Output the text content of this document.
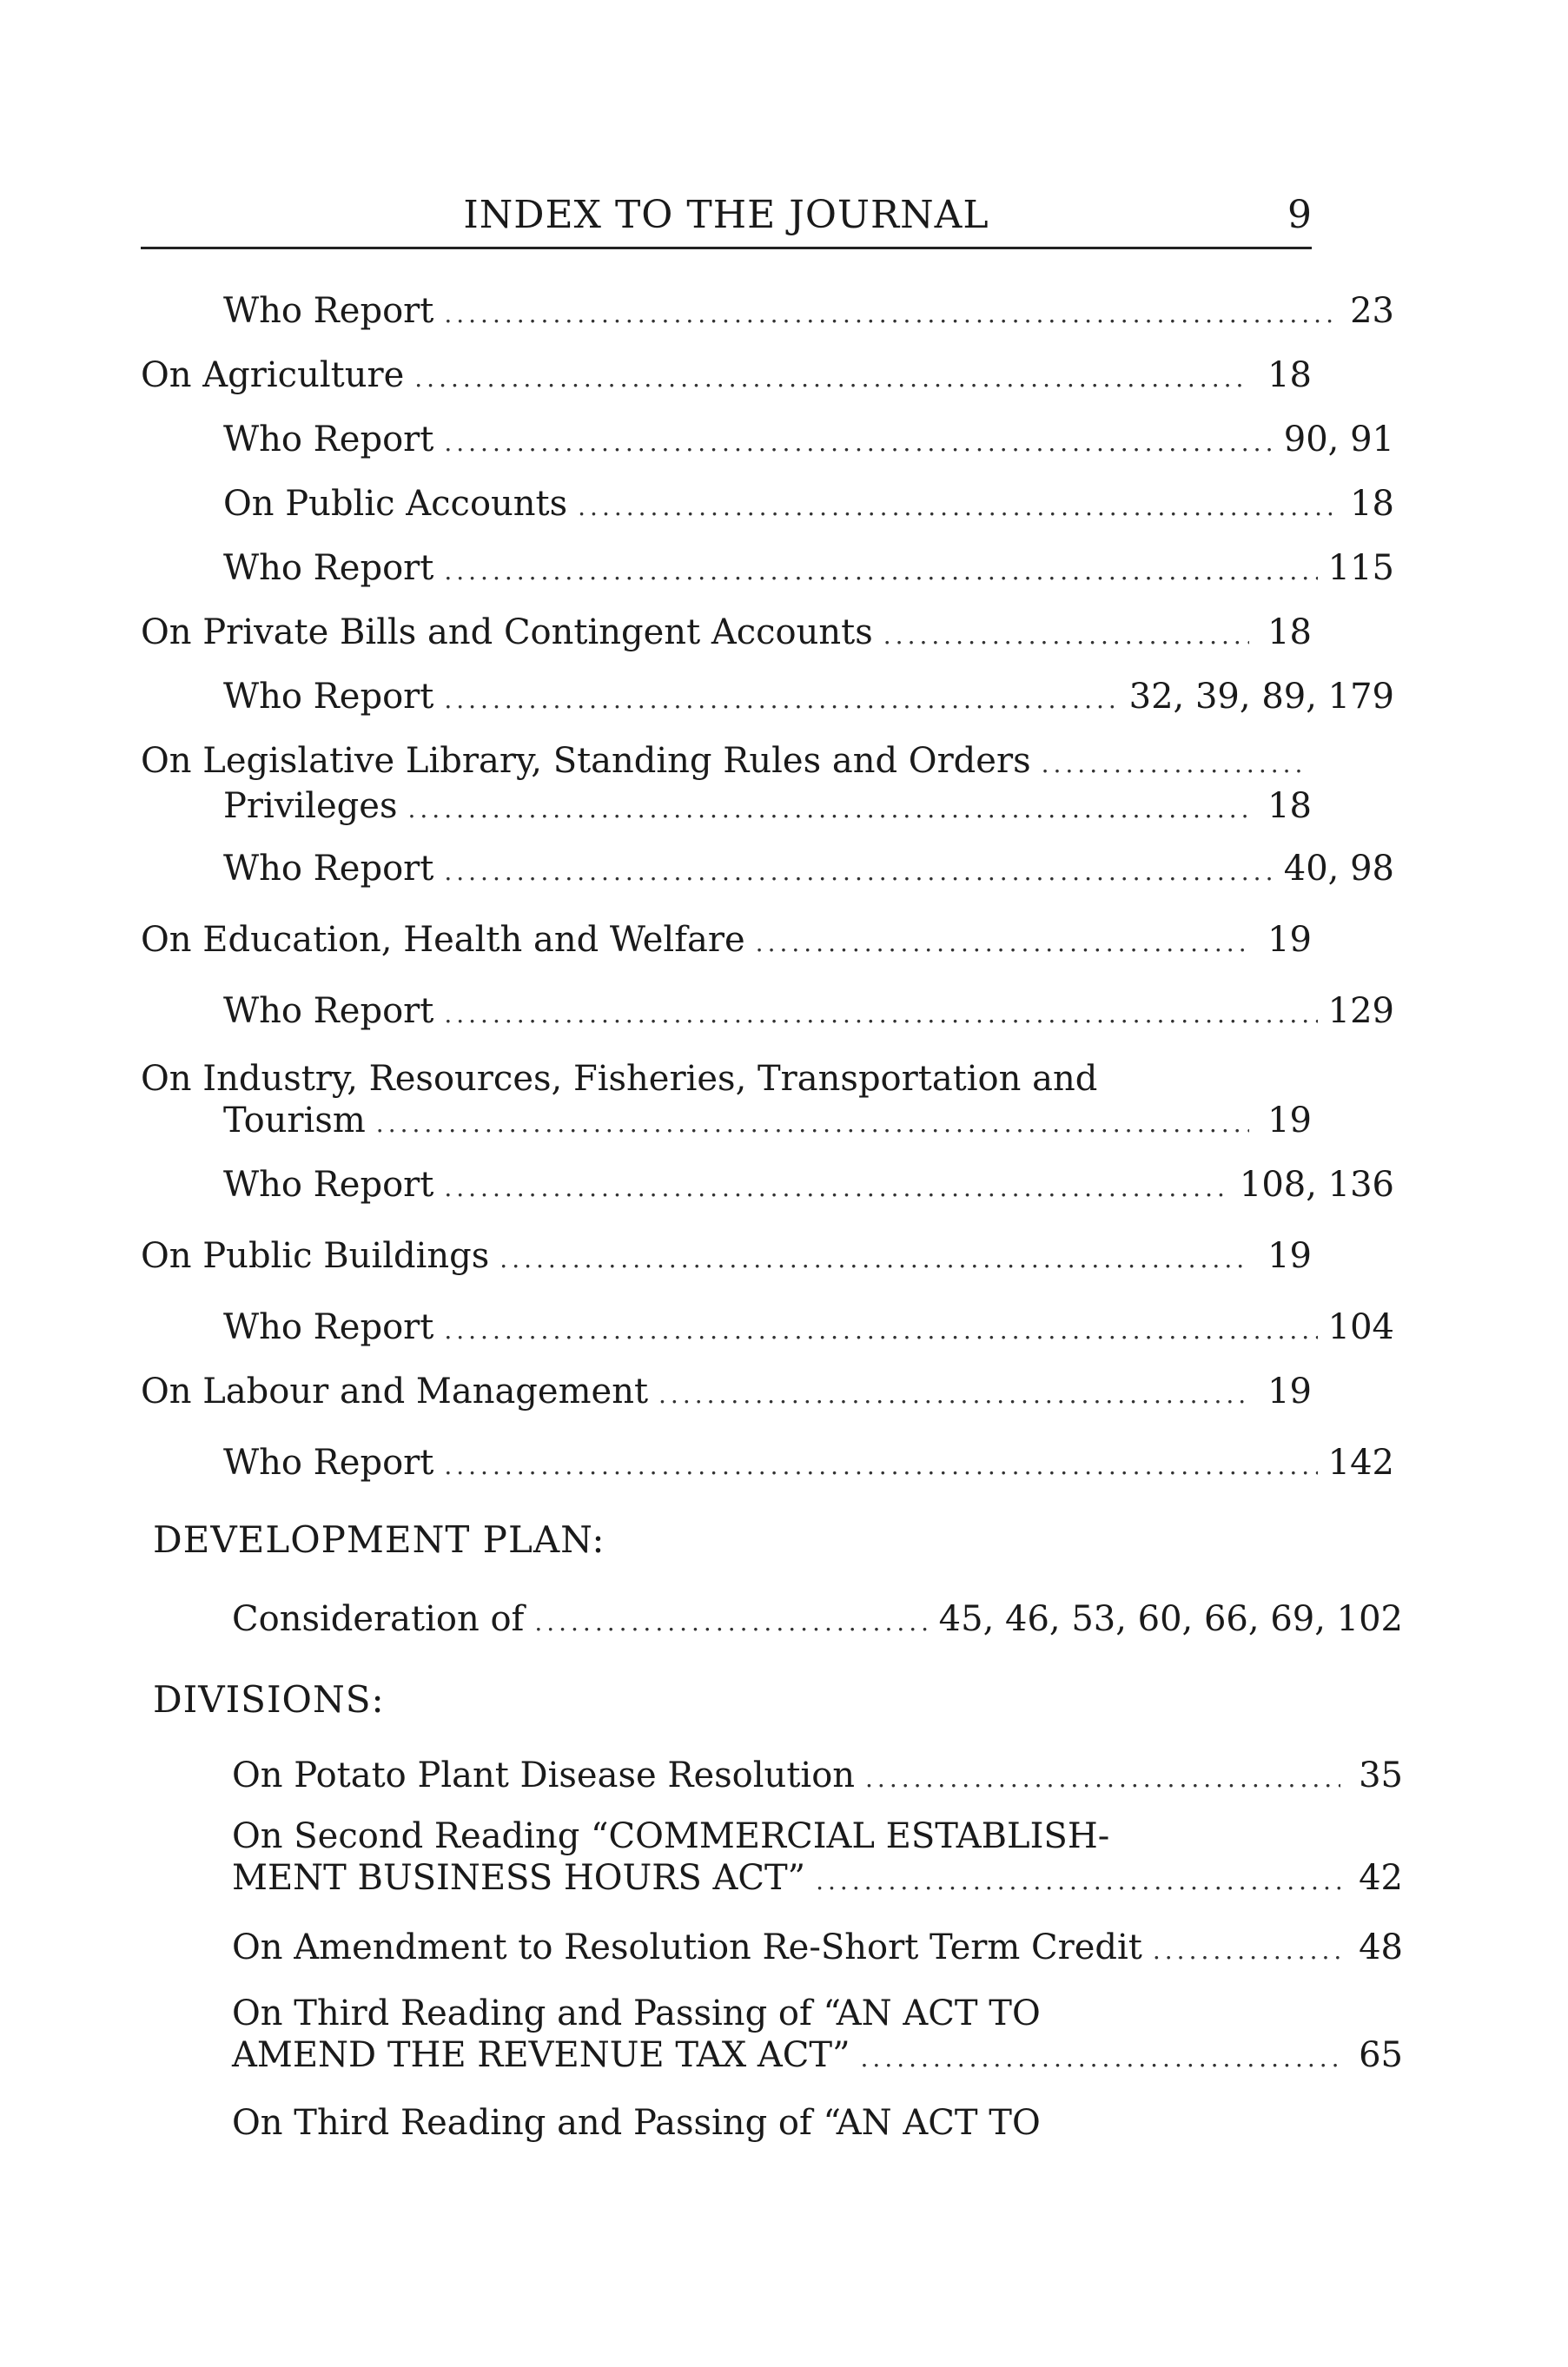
INDEX TO THE JOURNAL	9
Who Report .....	23
On Agriculture .....	18
Who Report .....	90, 91
On Public Accounts .....	18
Who Report .....	115
On Private Bills and Contingent Accounts .....	18
Who Report .....	32, 39, 89, 179
On Legislative Library, Standing Rules and Orders
.....
Privileges .....	18
Who Report .....	40, 98
On Education, Health and Welfare .....	19
Who Report .....	129
On Industry, Resources, Fisheries, Transportation and
Tourism .....	19
Who Report .....	108, 136
On Public Buildings .....	19
Who Report .....	104
On Labour and Management .....	19
Who Report .....	142
DEVELOPMENT PLAN:
Consideration of .....	45, 46, 53, 60, 66, 69, 102
DIVISIONS:
On Potato Plant Disease Resolution .....	35
On Second Reading “COMMERCIAL ESTABLISH-
MENT BUSINESS HOURS ACT” .....	42
On Amendment to Resolution Re-Short Term Credit .....	48
On Third Reading and Passing of “AN ACT TO
AMEND THE REVENUE TAX ACT” .....	65
On Third Reading and Passing of “AN ACT TO
